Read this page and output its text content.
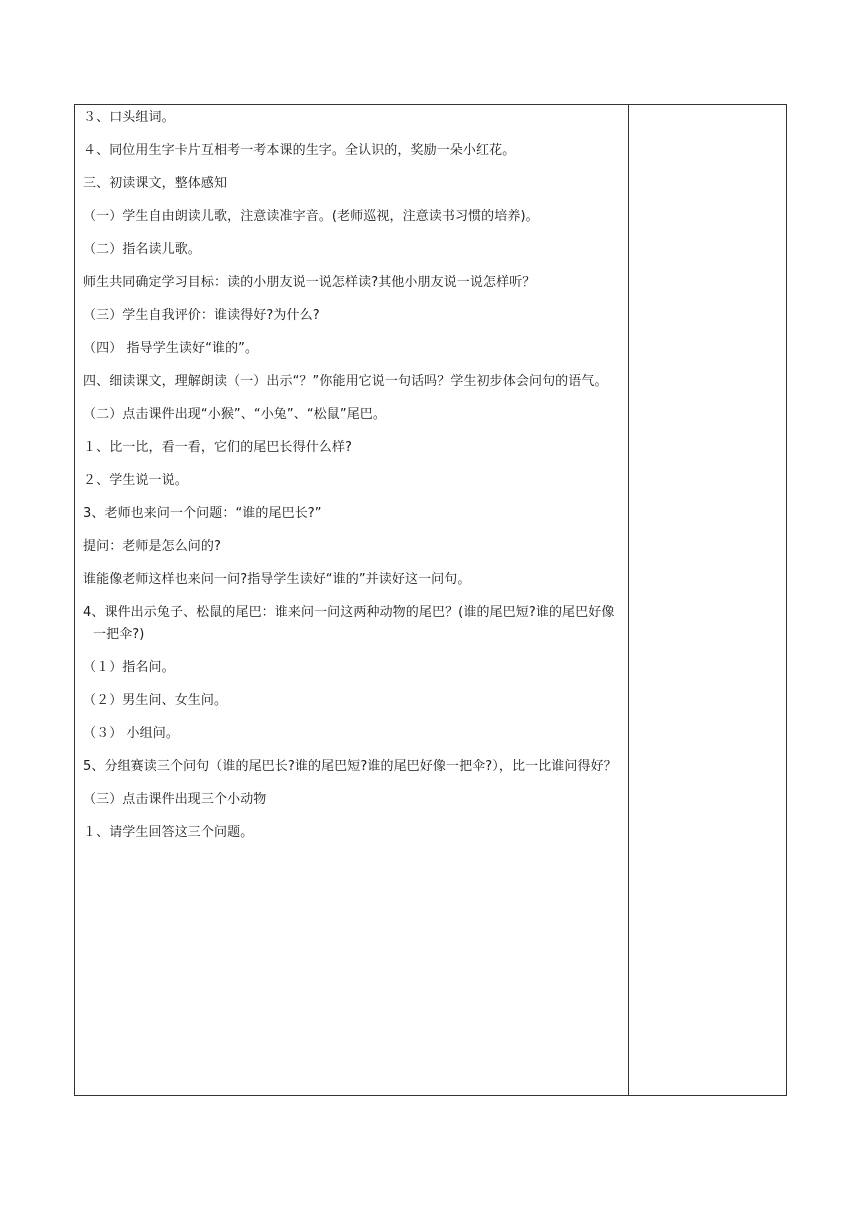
３、口头组词。

４、同位用生字卡片互相考一考本课的生字。全认识的，奖励一朵小红花。

三、初读课文，整体感知

（一）学生自由朗读儿歌，注意读准字音。(老师巡视，注意读书习惯的培养)。

（二）指名读儿歌。

师生共同确定学习目标：读的小朋友说一说怎样读?其他小朋友说一说怎样听？

（三）学生自我评价：谁读得好?为什么?

（四） 指导学生读好“谁的”。

四、细读课文，理解朗读（一）出示“？”你能用它说一句话吗？学生初步体会问句的语气。

（二）点击课件出现“小猴”、“小兔”、“松鼠”尾巴。

１、比一比，看一看，它们的尾巴长得什么样?

２、学生说一说。

3、老师也来问一个问题：“谁的尾巴长?”

提问：老师是怎么问的?

谁能像老师这样也来问一问?指导学生读好“谁的”并读好这一问句。

4、课件出示兔子、松鼠的尾巴：谁来问一问这两种动物的尾巴？(谁的尾巴短?谁的尾巴好像一把伞?)

（１）指名问。

（２）男生问、女生问。

（３） 小组问。

5、分组赛读三个问句（谁的尾巴长?谁的尾巴短?谁的尾巴好像一把伞?），比一比谁问得好？

（三）点击课件出现三个小动物

１、请学生回答这三个问题。
